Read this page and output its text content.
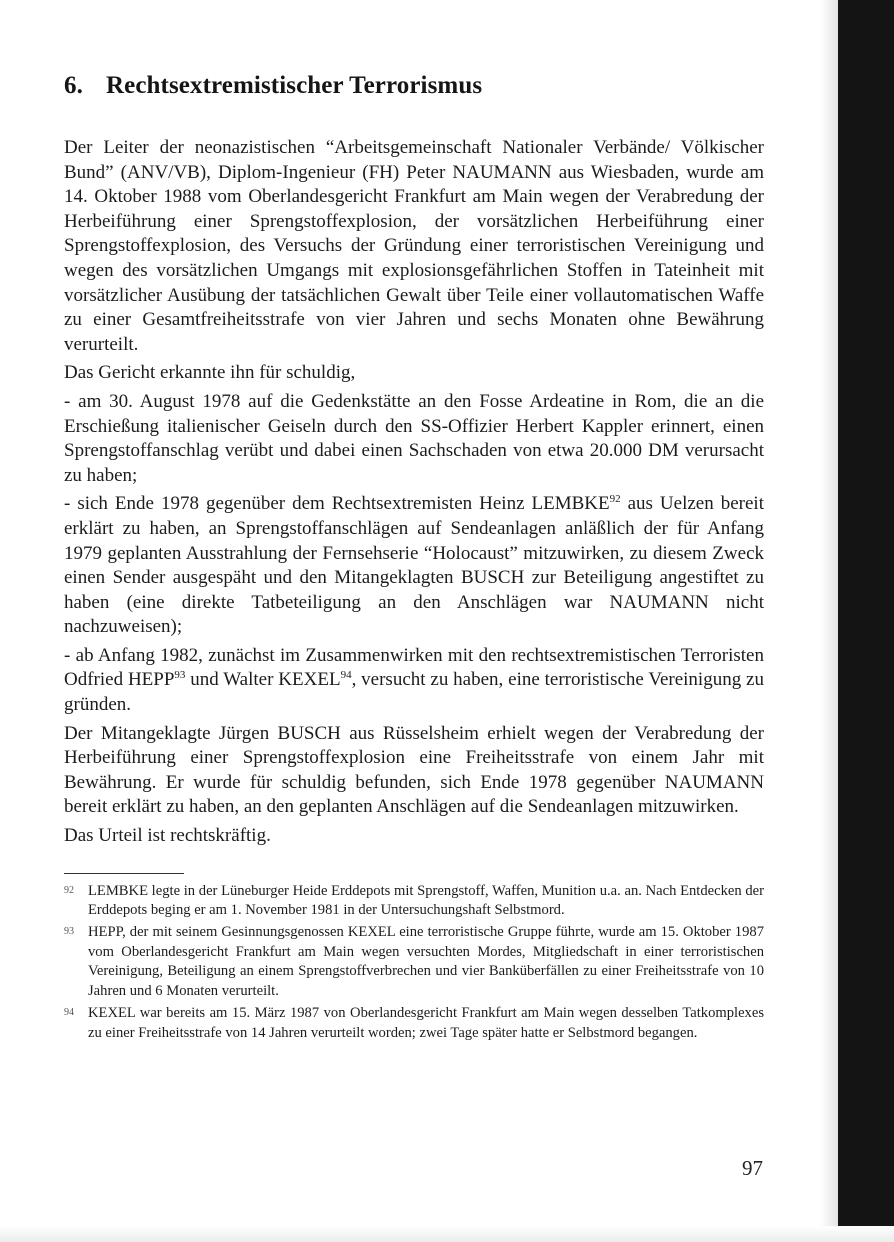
6. Rechtsextremistischer Terrorismus

Der Leiter der neonazistischen “Arbeitsgemeinschaft Nationaler Verbände/ Völkischer Bund” (ANV/VB), Diplom-Ingenieur (FH) Peter NAUMANN aus Wiesbaden, wurde am 14. Oktober 1988 vom Oberlandesgericht Frankfurt am Main wegen der Verabredung der Herbeiführung einer Sprengstoffexplosion, der vorsätzlichen Herbeiführung einer Sprengstoffexplosion, des Versuchs der Gründung einer terroristischen Vereinigung und wegen des vorsätzlichen Umgangs mit explosionsgefährlichen Stoffen in Tateinheit mit vorsätzlicher Ausübung der tatsächlichen Gewalt über Teile einer vollautomatischen Waffe zu einer Gesamtfreiheitsstrafe von vier Jahren und sechs Monaten ohne Bewährung verurteilt.

Das Gericht erkannte ihn für schuldig,

- am 30. August 1978 auf die Gedenkstätte an den Fosse Ardeatine in Rom, die an die Erschießung italienischer Geiseln durch den SS-Offizier Herbert Kappler erinnert, einen Sprengstoffanschlag verübt und dabei einen Sachschaden von etwa 20.000 DM verursacht zu haben;

- sich Ende 1978 gegenüber dem Rechtsextremisten Heinz LEMBKE$^{92}$ aus Uelzen bereit erklärt zu haben, an Sprengstoffanschlägen auf Sendeanlagen anläßlich der für Anfang 1979 geplanten Ausstrahlung der Fernsehserie “Holocaust” mitzuwirken, zu diesem Zweck einen Sender ausgespäht und den Mitangeklagten BUSCH zur Beteiligung angestiftet zu haben (eine direkte Tatbeteiligung an den Anschlägen war NAUMANN nicht nachzuweisen);

- ab Anfang 1982, zunächst im Zusammenwirken mit den rechtsextremistischen Terroristen Odfried HEPP$^{93}$ und Walter KEXEL$^{94}$, versucht zu haben, eine terroristische Vereinigung zu gründen.

Der Mitangeklagte Jürgen BUSCH aus Rüsselsheim erhielt wegen der Verabredung der Herbeiführung einer Sprengstoffexplosion eine Freiheitsstrafe von einem Jahr mit Bewährung. Er wurde für schuldig befunden, sich Ende 1978 gegenüber NAUMANN bereit erklärt zu haben, an den geplanten Anschlägen auf die Sendeanlagen mitzuwirken.

Das Urteil ist rechtskräftig.

92 LEMBKE legte in der Lüneburger Heide Erddepots mit Sprengstoff, Waffen, Munition u.a. an. Nach Entdecken der Erddepots beging er am 1. November 1981 in der Untersuchungshaft Selbstmord.
93 HEPP, der mit seinem Gesinnungsgenossen KEXEL eine terroristische Gruppe führte, wurde am 15. Oktober 1987 vom Oberlandesgericht Frankfurt am Main wegen versuchten Mordes, Mitgliedschaft in einer terroristischen Vereinigung, Beteiligung an einem Sprengstoffverbrechen und vier Banküberfällen zu einer Freiheitsstrafe von 10 Jahren und 6 Monaten verurteilt.
94 KEXEL war bereits am 15. März 1987 von Oberlandesgericht Frankfurt am Main wegen desselben Tatkomplexes zu einer Freiheitsstrafe von 14 Jahren verurteilt worden; zwei Tage später hatte er Selbstmord begangen.
97
